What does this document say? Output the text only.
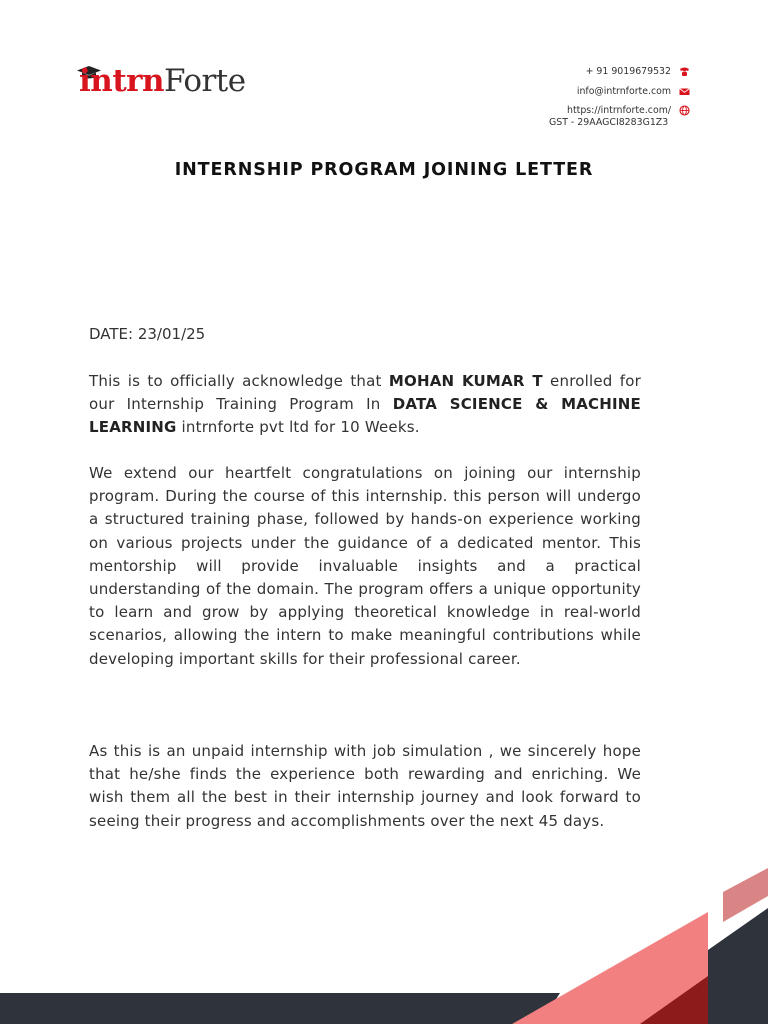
intrnForte	+ 91 9019679532
info@intrnforte.com
https://intrnforte.com/
GST - 29AAGCI8283G1Z3
INTERNSHIP PROGRAM JOINING LETTER
DATE: 23/01/25
This is to officially acknowledge that MOHAN KUMAR T enrolled for our Internship Training Program In DATA SCIENCE & MACHINE LEARNING intrnforte pvt ltd for 10 Weeks.
We extend our heartfelt congratulations on joining our internship program. During the course of this internship. this person will undergo a structured training phase, followed by hands-on experience working on various projects under the guidance of a dedicated mentor. This mentorship will provide invaluable insights and a practical understanding of the domain. The program offers a unique opportunity to learn and grow by applying theoretical knowledge in real-world scenarios, allowing the intern to make meaningful contributions while developing important skills for their professional career.
As this is an unpaid internship with job simulation , we sincerely hope that he/she finds the experience both rewarding and enriching. We wish them all the best in their internship journey and look forward to seeing their progress and accomplishments over the next 45 days.
